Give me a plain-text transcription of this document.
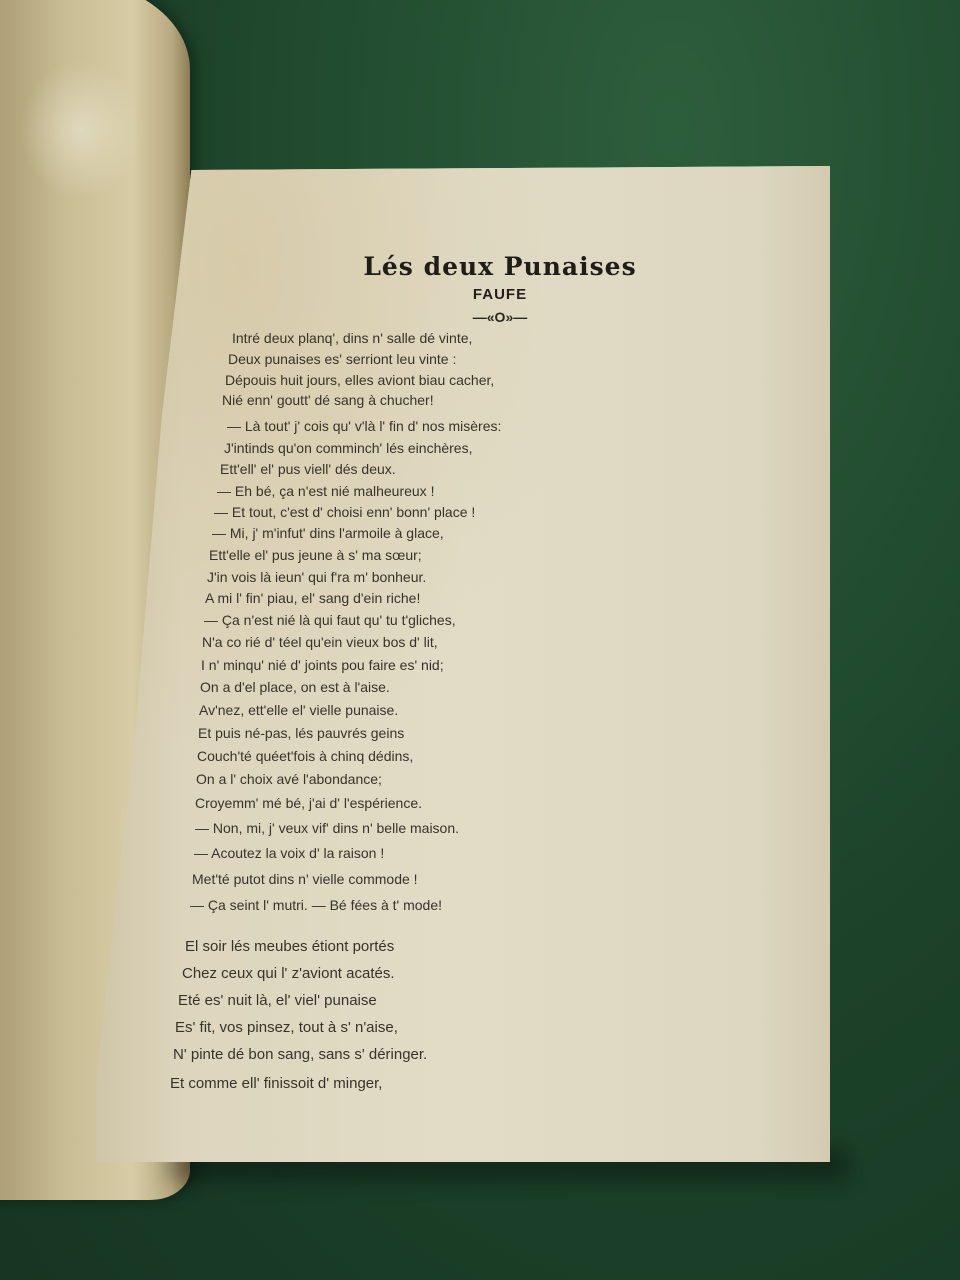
Lés deux Punaises
FAUFE
—«O»—
Intré deux planq', dins n' salle dé vinte,
Deux punaises es' serriont leu vinte :
Dépouis huit jours, elles aviont biau cacher,
Nié enn' goutt' dé sang à chucher!
— Là tout' j' cois qu' v'là l' fin d' nos misères:
J'intinds qu'on comminch' lés einchères,
Ett'ell' el' pus viell' dés deux.
— Eh bé, ça n'est nié malheureux !
— Et tout, c'est d' choisi enn' bonn' place !
— Mi, j' m'infut' dins l'armoile à glace,
Ett'elle el' pus jeune à s' ma sœur;
J'in vois là ieun' qui f'ra m' bonheur.
A mi l' fin' piau, el' sang d'ein riche!
— Ça n'est nié là qui faut qu' tu t'gliches,
N'a co rié d' téel qu'ein vieux bos d' lit,
I n' minqu' nié d' joints pou faire es' nid;
On a d'el place, on est à l'aise.
Av'nez, ett'elle el' vielle punaise.
Et puis né-pas, lés pauvrés geins
Couch'té quéet'fois à chinq dédins,
On a l' choix avé l'abondance;
Croyemm' mé bé, j'ai d' l'espérience.
— Non, mi, j' veux vif' dins n' belle maison.
— Acoutez la voix d' la raison !
Met'té putot dins n' vielle commode !
— Ça seint l' mutri. — Bé fées à t' mode!
El soir lés meubes étiont portés
Chez ceux qui l' z'aviont acatés.
Eté es' nuit là, el' viel' punaise
Es' fit, vos pinsez, tout à s' n'aise,
N' pinte dé bon sang, sans s' déringer.
Et comme ell' finissoit d' minger,
